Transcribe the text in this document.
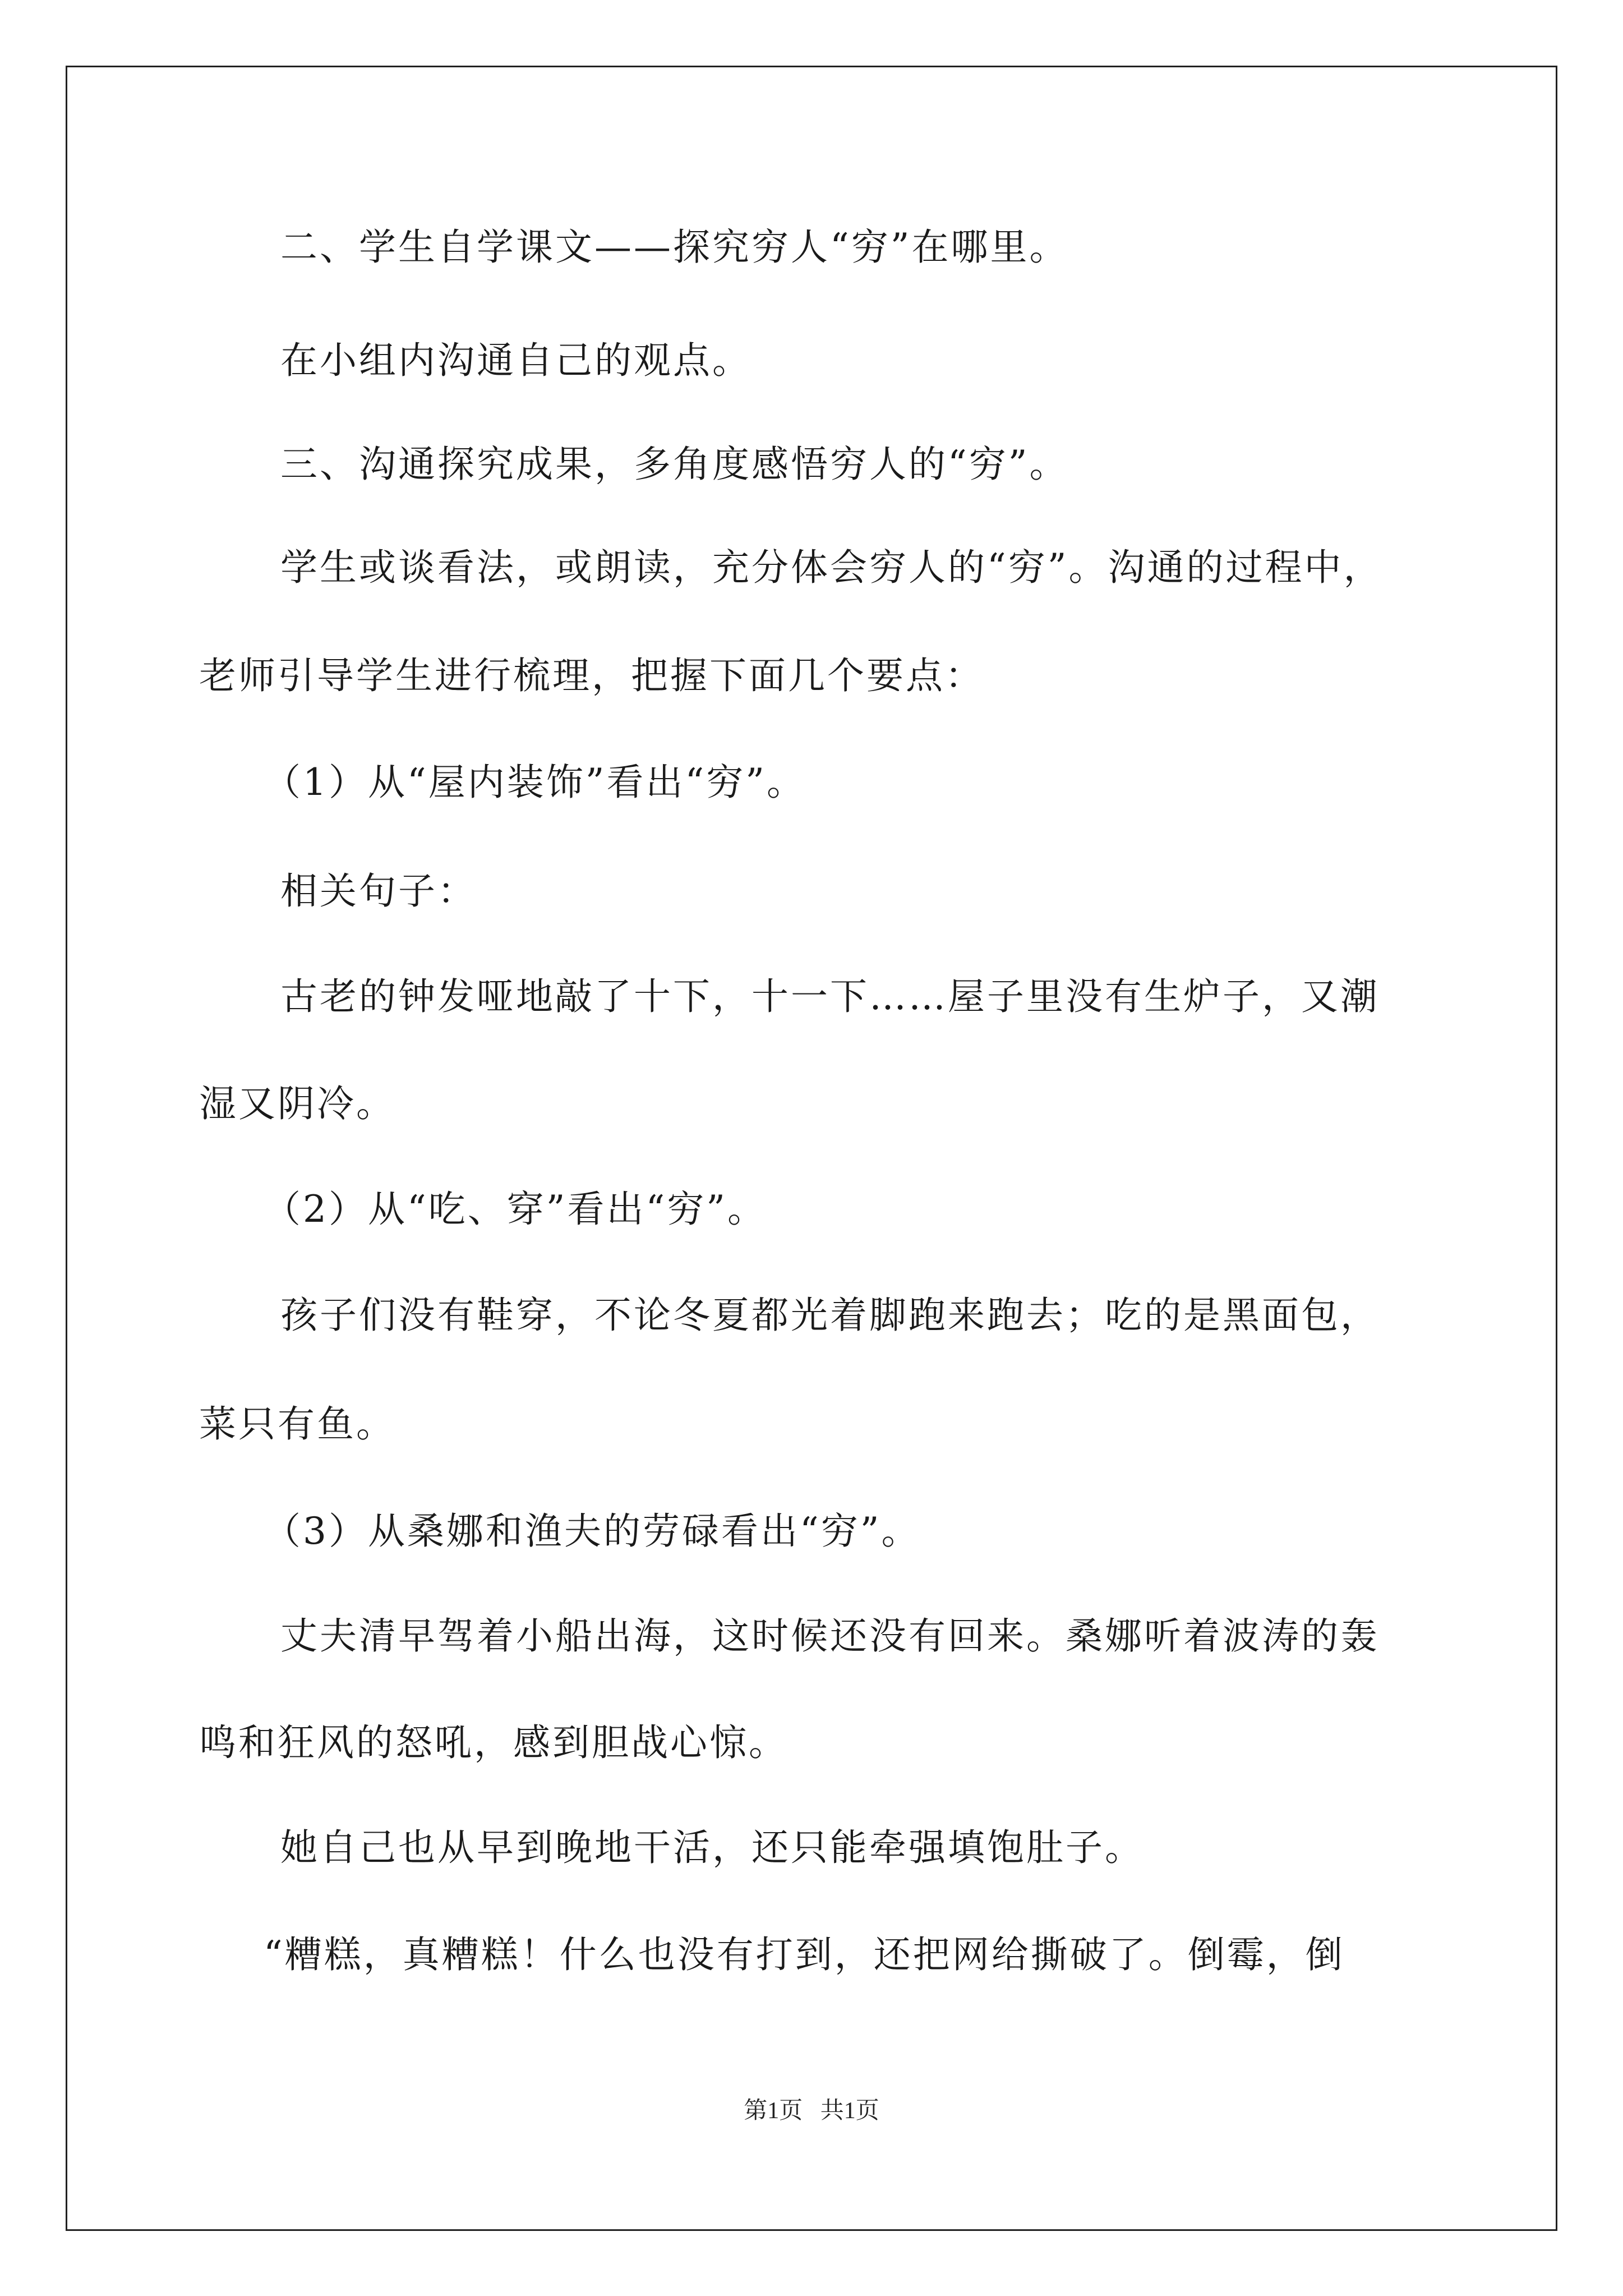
二、学生自学课文——探究穷人“穷”在哪里。
在小组内沟通自己的观点。
三、沟通探究成果，多角度感悟穷人的“穷”。
学生或谈看法，或朗读，充分体会穷人的“穷”。沟通的过程中，
老师引导学生进行梳理，把握下面几个要点：
（1）从“屋内装饰”看出“穷”。
相关句子：
古老的钟发哑地敲了十下，十一下……屋子里没有生炉子，又潮
湿又阴冷。
（2）从“吃、穿”看出“穷”。
孩子们没有鞋穿，不论冬夏都光着脚跑来跑去；吃的是黑面包，
菜只有鱼。
（3）从桑娜和渔夫的劳碌看出“穷”。
丈夫清早驾着小船出海，这时候还没有回来。桑娜听着波涛的轰
鸣和狂风的怒吼，感到胆战心惊。
她自己也从早到晚地干活，还只能牵强填饱肚子。
“糟糕，真糟糕！什么也没有打到，还把网给撕破了。倒霉，倒
第1页   共1页
